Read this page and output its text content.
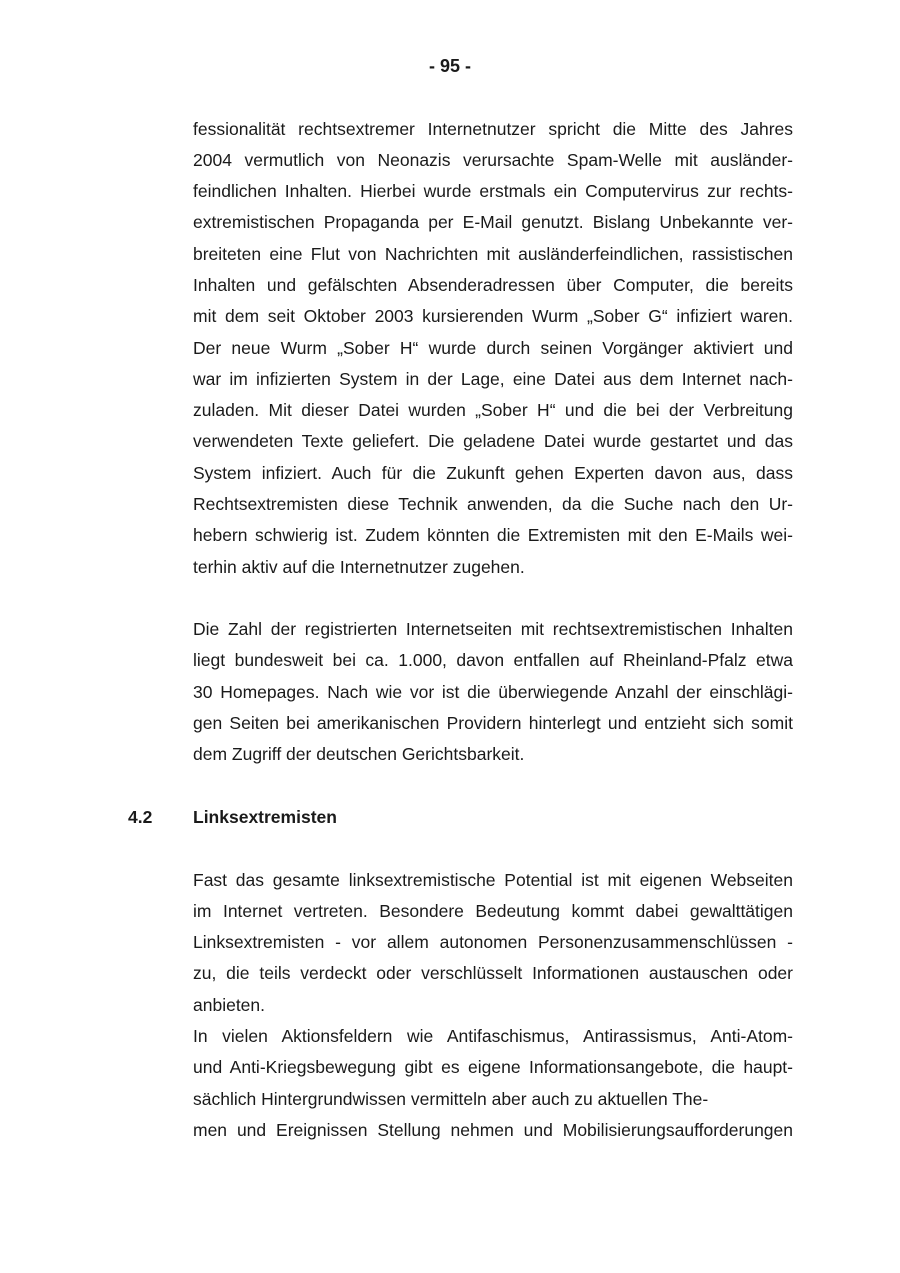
- 95 -
fessionalität rechtsextremer Internetnutzer spricht die Mitte des Jahres
2004 vermutlich von Neonazis verursachte Spam-Welle mit ausländer-
feindlichen Inhalten. Hierbei wurde erstmals ein Computervirus zur rechts-
extremistischen Propaganda per E-Mail genutzt. Bislang Unbekannte ver-
breiteten eine Flut von Nachrichten mit ausländerfeindlichen, rassistischen
Inhalten und gefälschten Absenderadressen über Computer, die bereits
mit dem seit Oktober 2003 kursierenden Wurm „Sober G“ infiziert waren.
Der neue Wurm „Sober H“ wurde durch seinen Vorgänger aktiviert und
war im infizierten System in der Lage, eine Datei aus dem Internet nach-
zuladen. Mit dieser Datei wurden „Sober H“ und die bei der Verbreitung
verwendeten Texte geliefert. Die geladene Datei wurde gestartet und das
System infiziert. Auch für die Zukunft gehen Experten davon aus, dass
Rechtsextremisten diese Technik anwenden, da die Suche nach den Ur-
hebern schwierig ist. Zudem könnten die Extremisten mit den E-Mails wei-
terhin aktiv auf die Internetnutzer zugehen.
Die Zahl der registrierten Internetseiten mit rechtsextremistischen Inhalten
liegt bundesweit bei ca. 1.000, davon entfallen auf Rheinland-Pfalz etwa
30 Homepages. Nach wie vor ist die überwiegende Anzahl der einschlägi-
gen Seiten bei amerikanischen Providern hinterlegt und entzieht sich somit
dem Zugriff der deutschen Gerichtsbarkeit.
4.2 Linksextremisten
Fast das gesamte linksextremistische Potential ist mit eigenen Webseiten
im Internet vertreten. Besondere Bedeutung kommt dabei gewalttätigen
Linksextremisten - vor allem autonomen Personenzusammenschlüssen -
zu, die teils verdeckt oder verschlüsselt Informationen austauschen oder
anbieten.
In vielen Aktionsfeldern wie Antifaschismus, Antirassismus, Anti-Atom-
und Anti-Kriegsbewegung gibt es eigene Informationsangebote, die haupt-
sächlich Hintergrundwissen vermitteln aber auch zu aktuellen The-
men und Ereignissen Stellung nehmen und Mobilisierungsaufforderungen
